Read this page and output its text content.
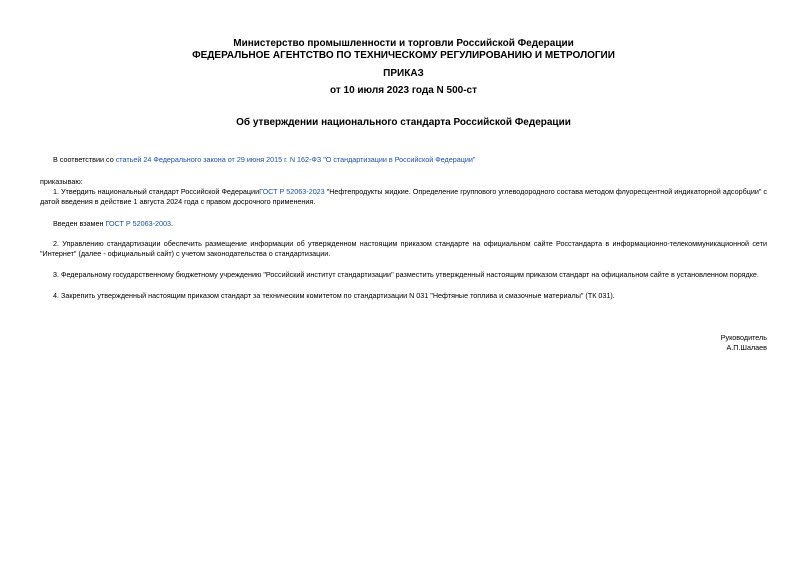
Министерство промышленности и торговли Российской Федерации
ФЕДЕРАЛЬНОЕ АГЕНТСТВО ПО ТЕХНИЧЕСКОМУ РЕГУЛИРОВАНИЮ И МЕТРОЛОГИИ
ПРИКАЗ
от 10 июля 2023 года N 500-ст
Об утверждении национального стандарта Российской Федерации
В соответствии со статьей 24 Федерального закона от 29 июня 2015 г. N 162-ФЗ "О стандартизации в Российской Федерации"
приказываю:
1. Утвердить национальный стандарт Российской ФедерацииГОСТ Р 52063-2023 "Нефтепродукты жидкие. Определение группового углеводородного состава методом флуоресцентной индикаторной адсорбции" с датой введения в действие 1 августа 2024 года с правом досрочного применения.
Введен взамен ГОСТ Р 52063-2003.
2. Управлению стандартизации обеспечить размещение информации об утвержденном настоящим приказом стандарте на официальном сайте Росстандарта в информационно-телекоммуникационной сети "Интернет" (далее - официальный сайт) с учетом законодательства о стандартизации.
3. Федеральному государственному бюджетному учреждению "Российский институт стандартизации" разместить утвержденный настоящим приказом стандарт на официальном сайте в установленном порядке.
4. Закрепить утвержденный настоящим приказом стандарт за техническим комитетом по стандартизации N 031 "Нефтяные топлива и смазочные материалы" (ТК 031).
Руководитель
А.П.Шалаев
